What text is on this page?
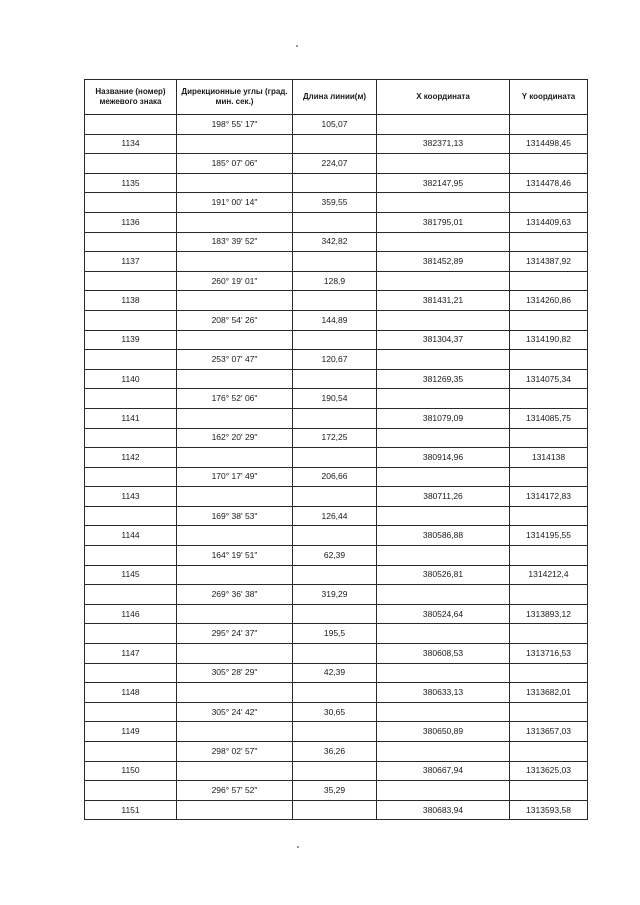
Название (номер) межевого знака	Дирекционные углы (град. мин. сек.)	Длина линии(м)	X координата	Y координата
	198° 55' 17"	105,07		
1134			382371,13	1314498,45
	185° 07' 06"	224,07		
1135			382147,95	1314478,46
	191° 00' 14"	359,55		
1136			381795,01	1314409,63
	183° 39' 52"	342,82		
1137			381452,89	1314387,92
	260° 19' 01"	128,9		
1138			381431,21	1314260,86
	208° 54' 26"	144,89		
1139			381304,37	1314190,82
	253° 07' 47"	120,67		
1140			381269,35	1314075,34
	176° 52' 06"	190,54		
1141			381079,09	1314085,75
	162° 20' 29"	172,25		
1142			380914,96	1314138
	170° 17' 49"	206,66		
1143			380711,26	1314172,83
	169° 38' 53"	126,44		
1144			380586,88	1314195,55
	164° 19' 51"	62,39		
1145			380526,81	1314212,4
	269° 36' 38"	319,29		
1146			380524,64	1313893,12
	295° 24' 37"	195,5		
1147			380608,53	1313716,53
	305° 28' 29"	42,39		
1148			380633,13	1313682,01
	305° 24' 42"	30,65		
1149			380650,89	1313657,03
	298° 02' 57"	36,26		
1150			380667,94	1313625,03
	296° 57' 52"	35,29		
1151			380683,94	1313593,58
